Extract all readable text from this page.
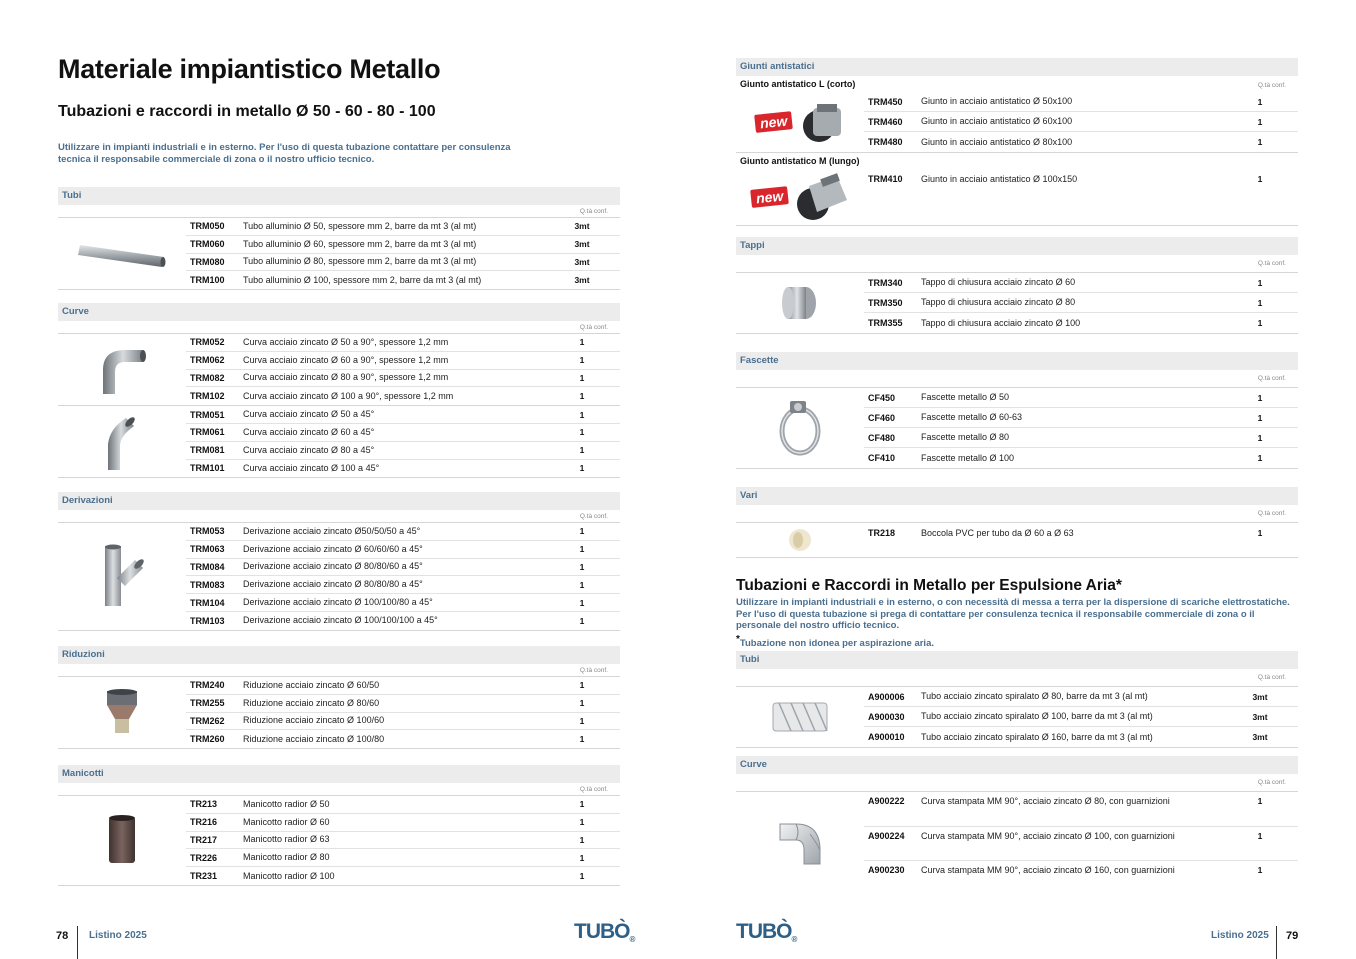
Materiale impiantistico Metallo
Tubazioni e raccordi in metallo Ø 50 - 60 - 80 - 100

Utilizzare in impianti industriali e in esterno. Per l'uso di questa tubazione contattare per consulenza tecnica il responsabile commerciale di zona o il nostro ufficio tecnico.

Tubi
Q.tà conf.
TRM050	Tubo alluminio Ø 50, spessore mm 2, barre da mt 3 (al mt)	3mt
TRM060	Tubo alluminio Ø 60, spessore mm 2, barre da mt 3 (al mt)	3mt
TRM080	Tubo alluminio Ø 80, spessore mm 2, barre da mt 3 (al mt)	3mt
TRM100	Tubo alluminio Ø 100, spessore mm 2, barre da mt 3 (al mt)	3mt
Curve
Q.tà conf.
TRM052	Curva acciaio zincato Ø 50 a 90°, spessore 1,2 mm	1
TRM062	Curva acciaio zincato Ø 60 a 90°, spessore 1,2 mm	1
TRM082	Curva acciaio zincato Ø 80 a 90°, spessore 1,2 mm	1
TRM102	Curva acciaio zincato Ø 100 a 90°, spessore 1,2 mm	1
TRM051	Curva acciaio zincato Ø 50 a 45°	1
TRM061	Curva acciaio zincato Ø 60 a 45°	1
TRM081	Curva acciaio zincato Ø 80 a 45°	1
TRM101	Curva acciaio zincato Ø 100 a 45°	1
Derivazioni
Q.tà conf.
TRM053	Derivazione acciaio zincato Ø50/50/50 a 45°	1
TRM063	Derivazione acciaio zincato Ø 60/60/60 a 45°	1
TRM084	Derivazione acciaio zincato Ø 80/80/60 a 45°	1
TRM083	Derivazione acciaio zincato Ø 80/80/80 a 45°	1
TRM104	Derivazione acciaio zincato Ø 100/100/80 a 45°	1
TRM103	Derivazione acciaio zincato Ø 100/100/100 a 45°	1
Riduzioni
Q.tà conf.
TRM240	Riduzione acciaio zincato Ø 60/50	1
TRM255	Riduzione acciaio zincato Ø 80/60	1
TRM262	Riduzione acciaio zincato Ø 100/60	1
TRM260	Riduzione acciaio zincato Ø 100/80	1
Manicotti
Q.tà conf.
TR213	Manicotto radior Ø 50	1
TR216	Manicotto radior Ø 60	1
TR217	Manicotto radior Ø 63	1
TR226	Manicotto radior Ø 80	1
TR231	Manicotto radior Ø 100	1
78 Listino 2025	TUBÒ®
Giunti antistatici
Giunto antistatico L (corto)	Q.tà conf.
new
TRM450	Giunto in acciaio antistatico Ø 50x100	1
TRM460	Giunto in acciaio antistatico Ø 60x100	1
TRM480	Giunto in acciaio antistatico Ø 80x100	1
Giunto antistatico M (lungo)
new
TRM410	Giunto in acciaio antistatico Ø 100x150	1
Tappi
Q.tà conf.
TRM340	Tappo di chiusura acciaio zincato Ø 60	1
TRM350	Tappo di chiusura acciaio zincato Ø 80	1
TRM355	Tappo di chiusura acciaio zincato Ø 100	1
Fascette
Q.tà conf.
CF450	Fascette metallo Ø 50	1
CF460	Fascette metallo Ø 60-63	1
CF480	Fascette metallo Ø 80	1
CF410	Fascette metallo Ø 100	1
Vari
Q.tà conf.
TR218	Boccola PVC per tubo da Ø 60 a Ø 63	1
Tubazioni e Raccordi in Metallo per Espulsione Aria*

Utilizzare in impianti industriali e in esterno, o con necessità di messa a terra per la dispersione di scariche elettrostatiche. Per l'uso di questa tubazione si prega di contattare per consulenza tecnica il responsabile commerciale di zona o il personale del nostro ufficio tecnico.

*Tubazione non idonea per aspirazione aria.

Tubi
Q.tà conf.
A900006	Tubo acciaio zincato spiralato Ø 80, barre da mt 3 (al mt)	3mt
A900030	Tubo acciaio zincato spiralato Ø 100, barre da mt 3 (al mt)	3mt
A900010	Tubo acciaio zincato spiralato Ø 160, barre da mt 3 (al mt)	3mt
Curve
Q.tà conf.
A900222	Curva stampata MM 90°, acciaio zincato Ø 80, con guarnizioni	1
A900224	Curva stampata MM 90°, acciaio zincato Ø 100, con guarnizioni	1
A900230	Curva stampata MM 90°, acciaio zincato Ø 160, con guarnizioni	1
TUBÒ®	Listino 2025 79
